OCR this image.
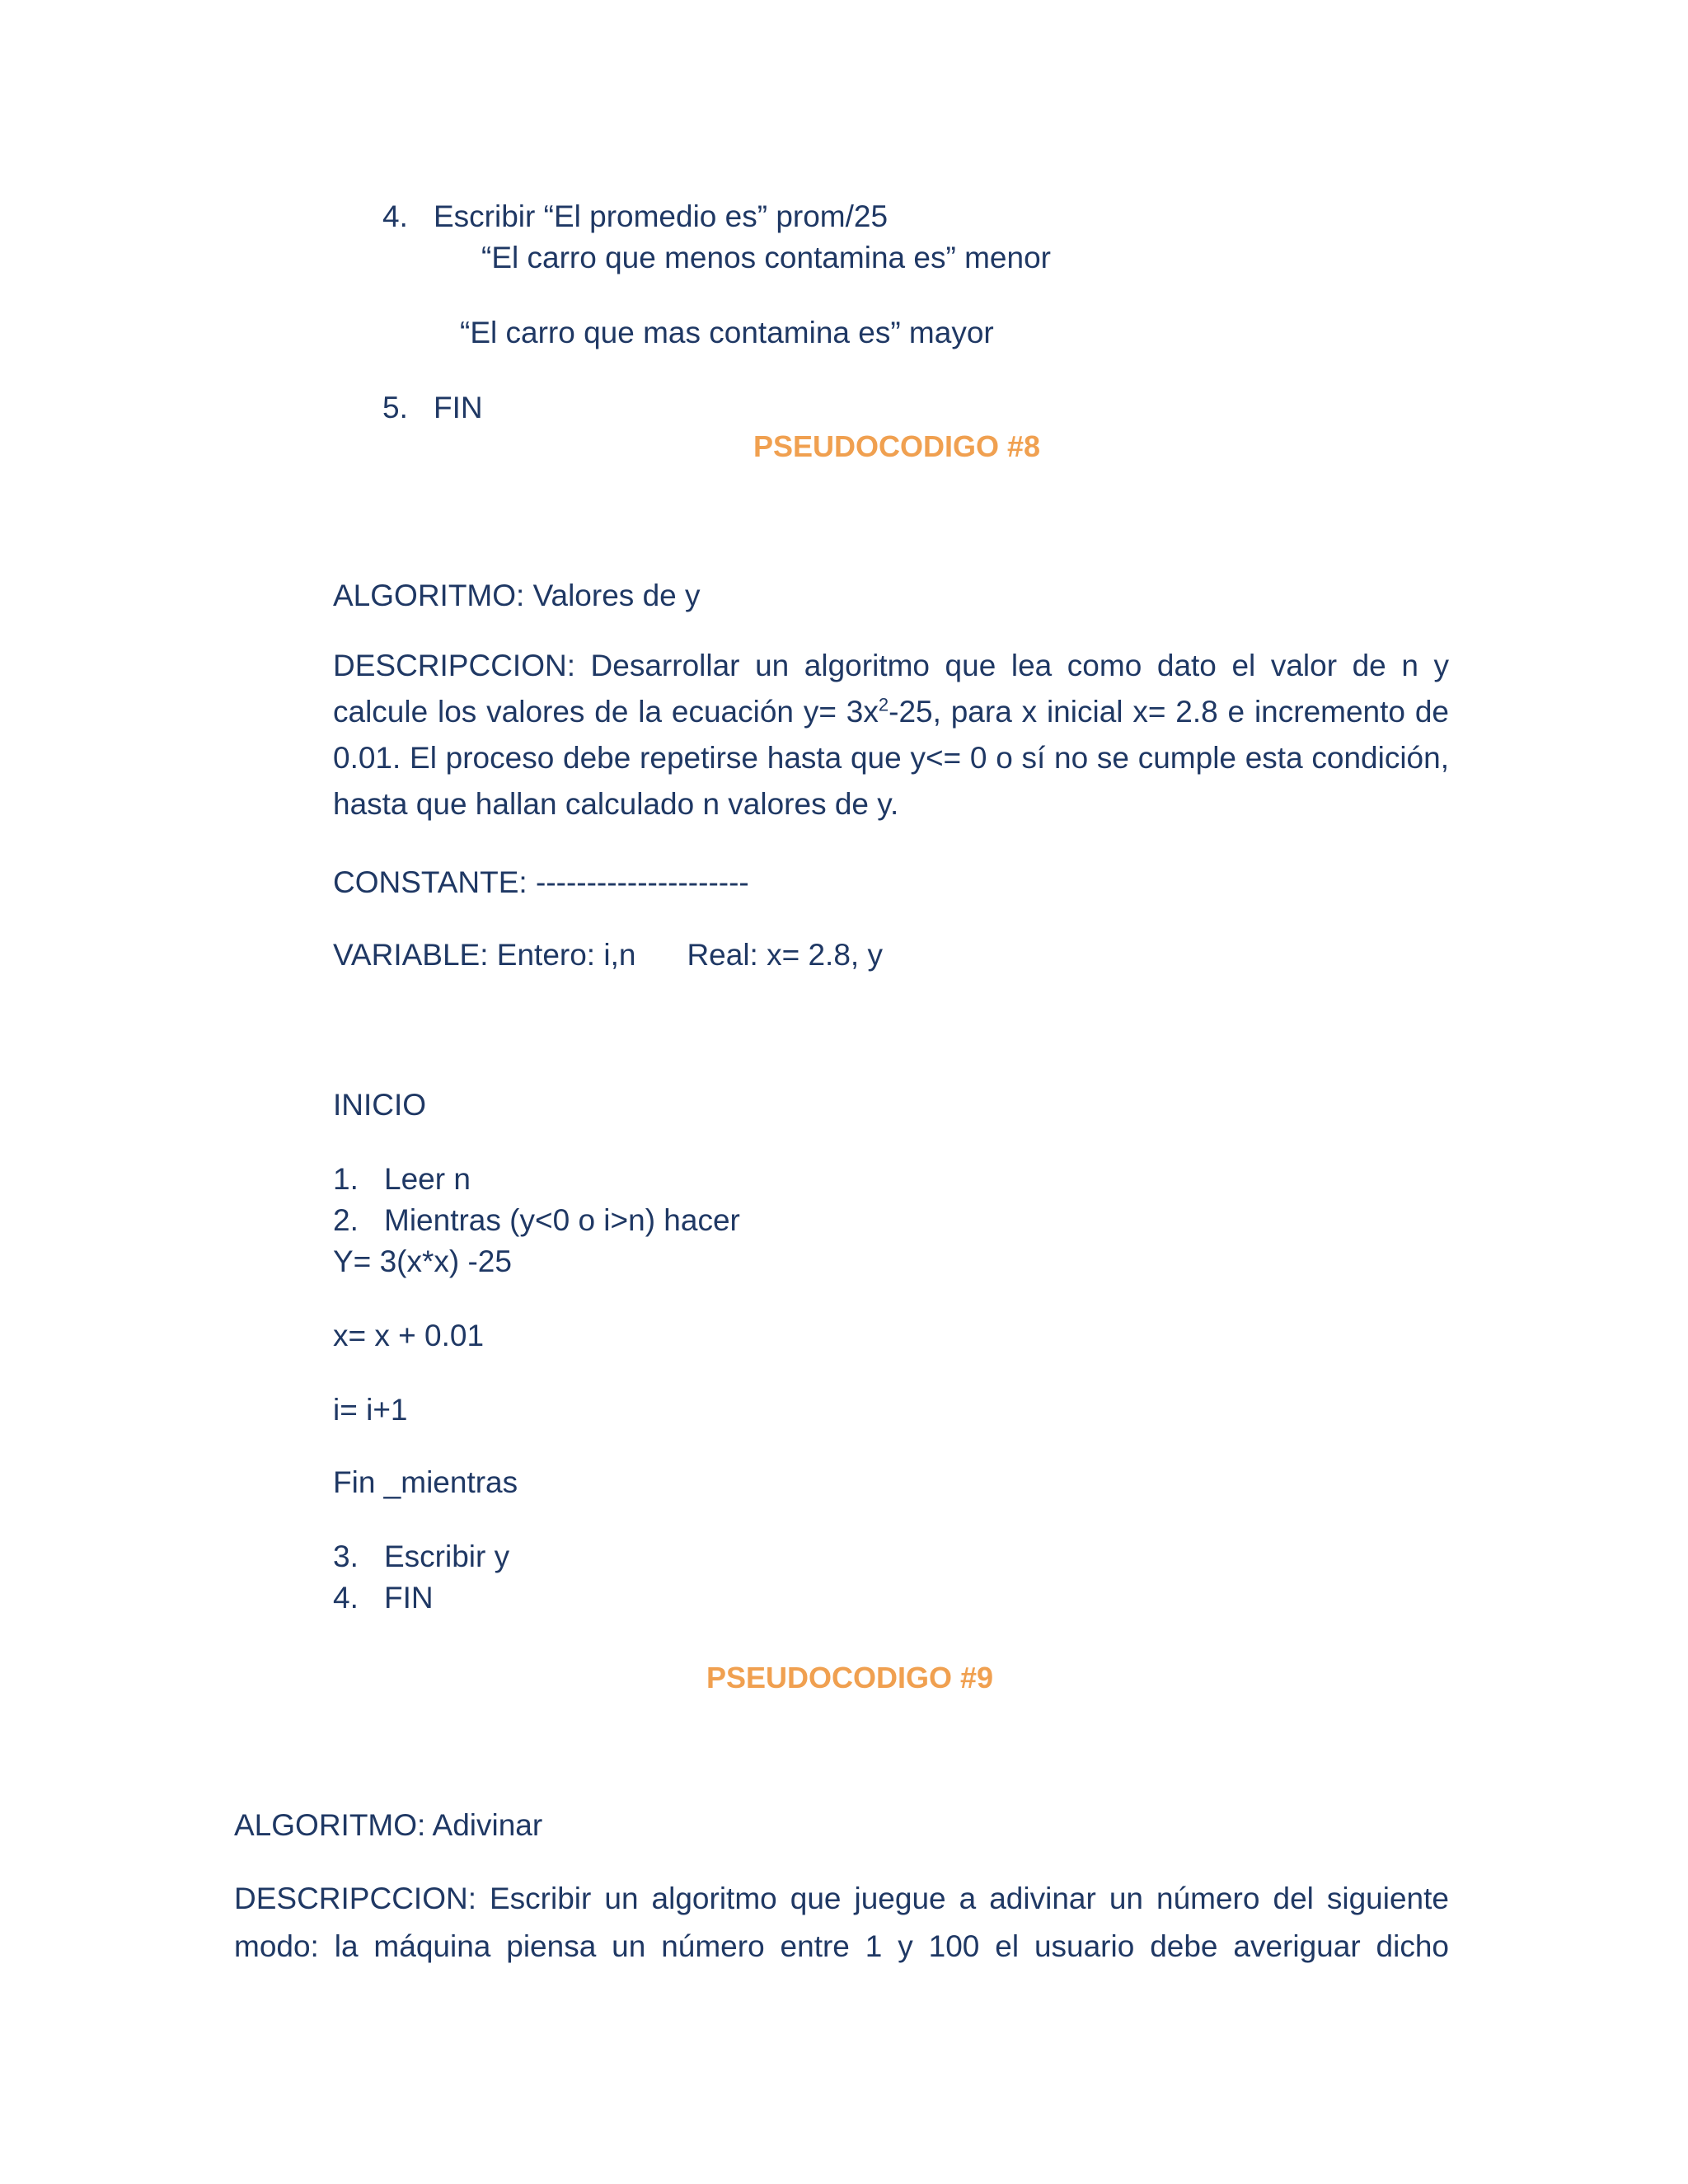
4. Escribir “El promedio es” prom/25
“El carro que menos contamina es” menor
“El carro que mas contamina es” mayor
5. FIN
PSEUDOCODIGO #8
ALGORITMO: Valores de y
DESCRIPCCION: Desarrollar un algoritmo que lea como dato el valor de n y
calcule los valores de la ecuación $y= 3x^2-25$, para x inicial x= 2.8 e incremento de
0.01. El proceso debe repetirse hasta que y<= 0 o sí no se cumple esta condición,
hasta que hallan calculado n valores de y.
CONSTANTE: ---------------------
VARIABLE: Entero: i,n Real: x= 2.8, y
INICIO
1. Leer n
2. Mientras (y<0 o i>n) hacer
Y= 3(x*x) -25
x= x + 0.01
i= i+1
Fin _mientras
3. Escribir y
4. FIN
PSEUDOCODIGO #9
ALGORITMO: Adivinar
DESCRIPCCION: Escribir un algoritmo que juegue a adivinar un número del siguiente
modo: la máquina piensa un número entre 1 y 100 el usuario debe averiguar dicho
